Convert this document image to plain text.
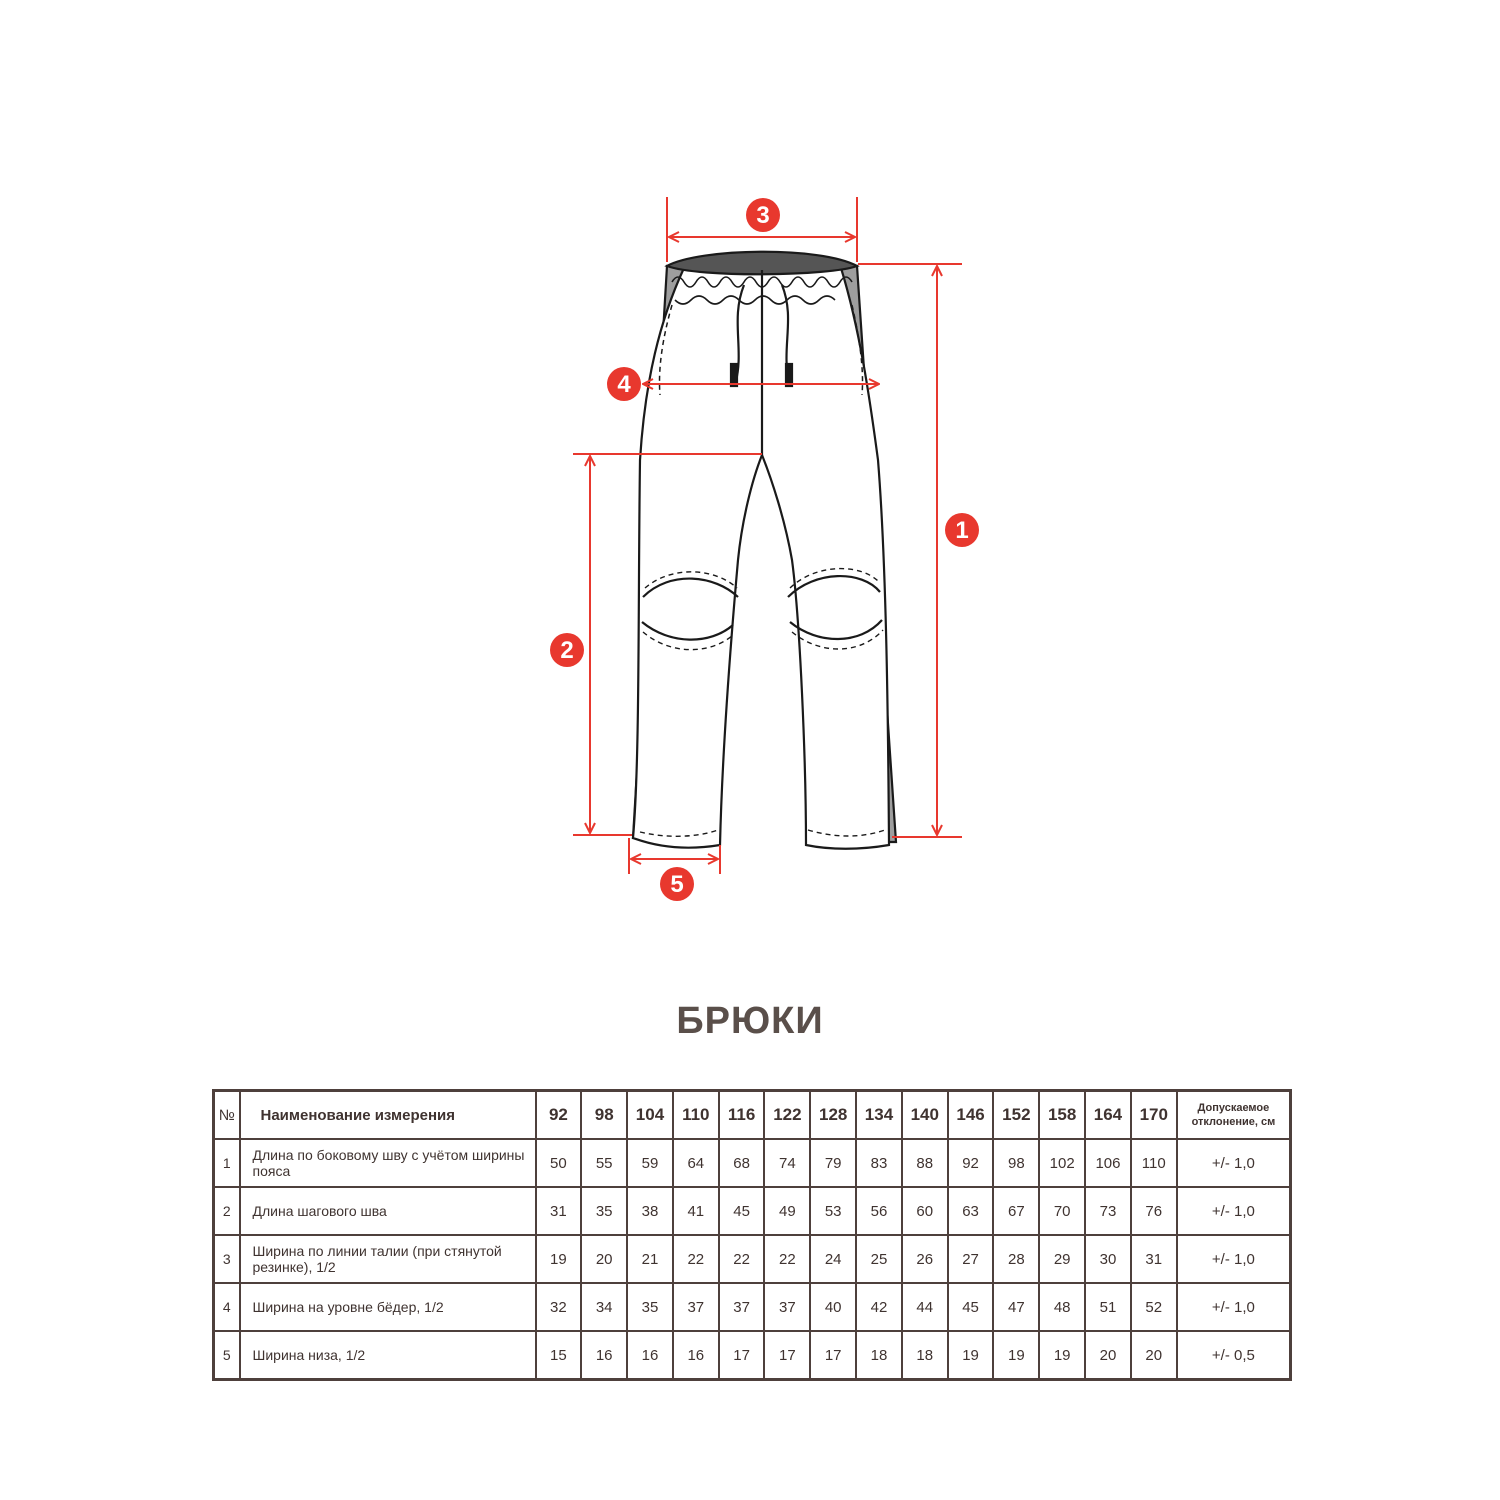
1
2
3
4
5
БРЮКИ
№	Наименование измерения	92	98	104	110	116	122	128	134	140	146	152	158	164	170	Допускаемое отклонение, см
1	Длина по боковому шву с учётом ширины пояса	50	55	59	64	68	74	79	83	88	92	98	102	106	110	+/- 1,0
2	Длина шагового шва	31	35	38	41	45	49	53	56	60	63	67	70	73	76	+/- 1,0
3	Ширина по линии талии (при стянутой резинке), 1/2	19	20	21	22	22	22	24	25	26	27	28	29	30	31	+/- 1,0
4	Ширина на уровне бёдер, 1/2	32	34	35	37	37	37	40	42	44	45	47	48	51	52	+/- 1,0
5	Ширина низа, 1/2	15	16	16	16	17	17	17	18	18	19	19	19	20	20	+/- 0,5
